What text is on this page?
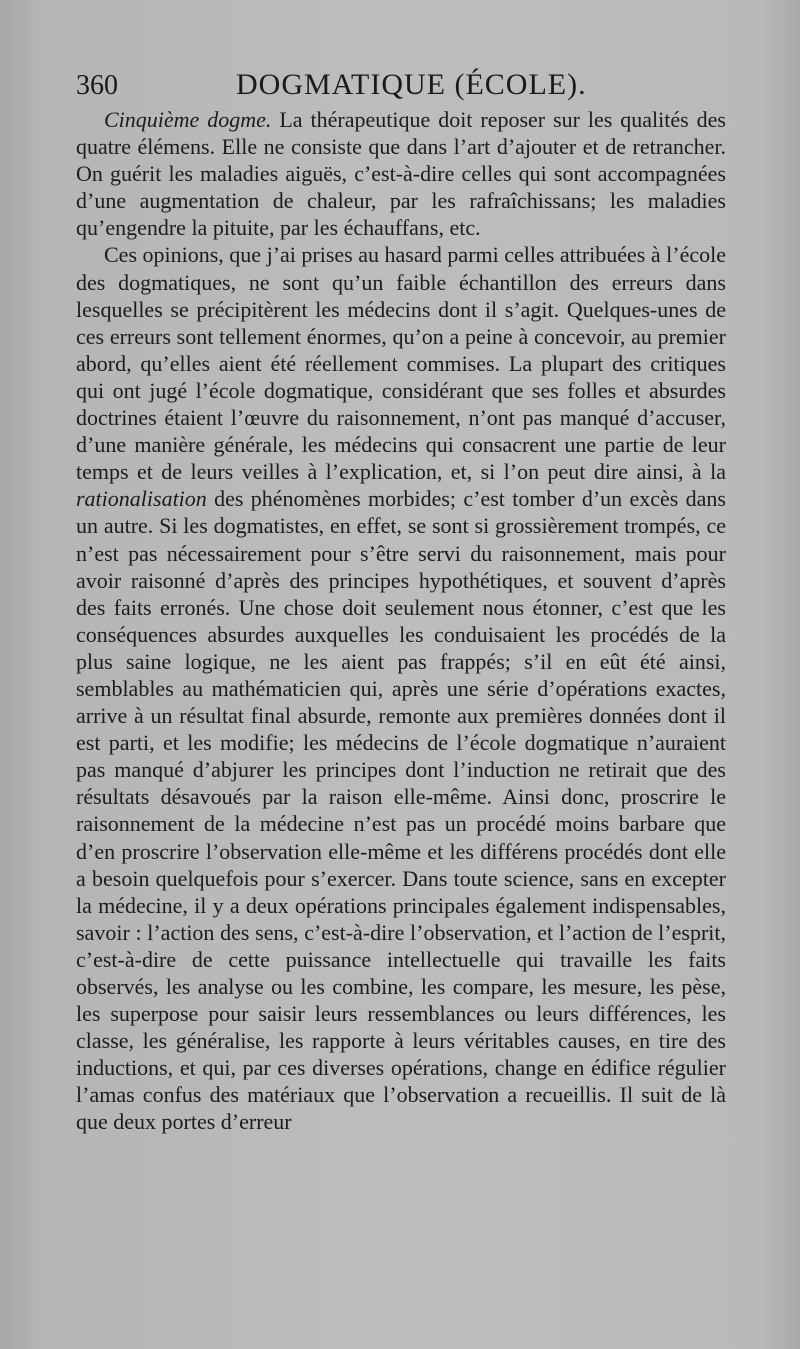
360	DOGMATIQUE (ÉCOLE).

Cinquième dogme. La thérapeutique doit reposer sur les qualités des quatre élémens. Elle ne consiste que dans l’art d’ajouter et de retrancher. On guérit les maladies aiguës, c’est-à-dire celles qui sont accompagnées d’une augmentation de chaleur, par les rafraîchissans; les maladies qu’engendre la pituite, par les échauffans, etc.

Ces opinions, que j’ai prises au hasard parmi celles attribuées à l’école des dogmatiques, ne sont qu’un faible échantillon des erreurs dans lesquelles se précipitèrent les médecins dont il s’agit. Quelques-unes de ces erreurs sont tellement énormes, qu’on a peine à concevoir, au premier abord, qu’elles aient été réellement commises. La plupart des critiques qui ont jugé l’école dogmatique, considérant que ses folles et absurdes doctrines étaient l’œuvre du raisonnement, n’ont pas manqué d’accuser, d’une manière générale, les médecins qui consacrent une partie de leur temps et de leurs veilles à l’explication, et, si l’on peut dire ainsi, à la rationalisation des phénomènes morbides; c’est tomber d’un excès dans un autre. Si les dogmatistes, en effet, se sont si grossièrement trompés, ce n’est pas nécessairement pour s’être servi du raisonnement, mais pour avoir raisonné d’après des principes hypothétiques, et souvent d’après des faits erronés. Une chose doit seulement nous étonner, c’est que les conséquences absurdes auxquelles les conduisaient les procédés de la plus saine logique, ne les aient pas frappés; s’il en eût été ainsi, semblables au mathématicien qui, après une série d’opérations exactes, arrive à un résultat final absurde, remonte aux premières données dont il est parti, et les modifie; les médecins de l’école dogmatique n’auraient pas manqué d’abjurer les principes dont l’induction ne retirait que des résultats désavoués par la raison elle-même. Ainsi donc, proscrire le raisonnement de la médecine n’est pas un procédé moins barbare que d’en proscrire l’observation elle-même et les différens procédés dont elle a besoin quelquefois pour s’exercer. Dans toute science, sans en excepter la médecine, il y a deux opérations principales également indispensables, savoir : l’action des sens, c’est-à-dire l’observation, et l’action de l’esprit, c’est-à-dire de cette puissance intellectuelle qui travaille les faits observés, les analyse ou les combine, les compare, les mesure, les pèse, les superpose pour saisir leurs ressemblances ou leurs différences, les classe, les généralise, les rapporte à leurs véritables causes, en tire des inductions, et qui, par ces diverses opérations, change en édifice régulier l’amas confus des matériaux que l’observation a recueillis. Il suit de là que deux portes d’erreur
